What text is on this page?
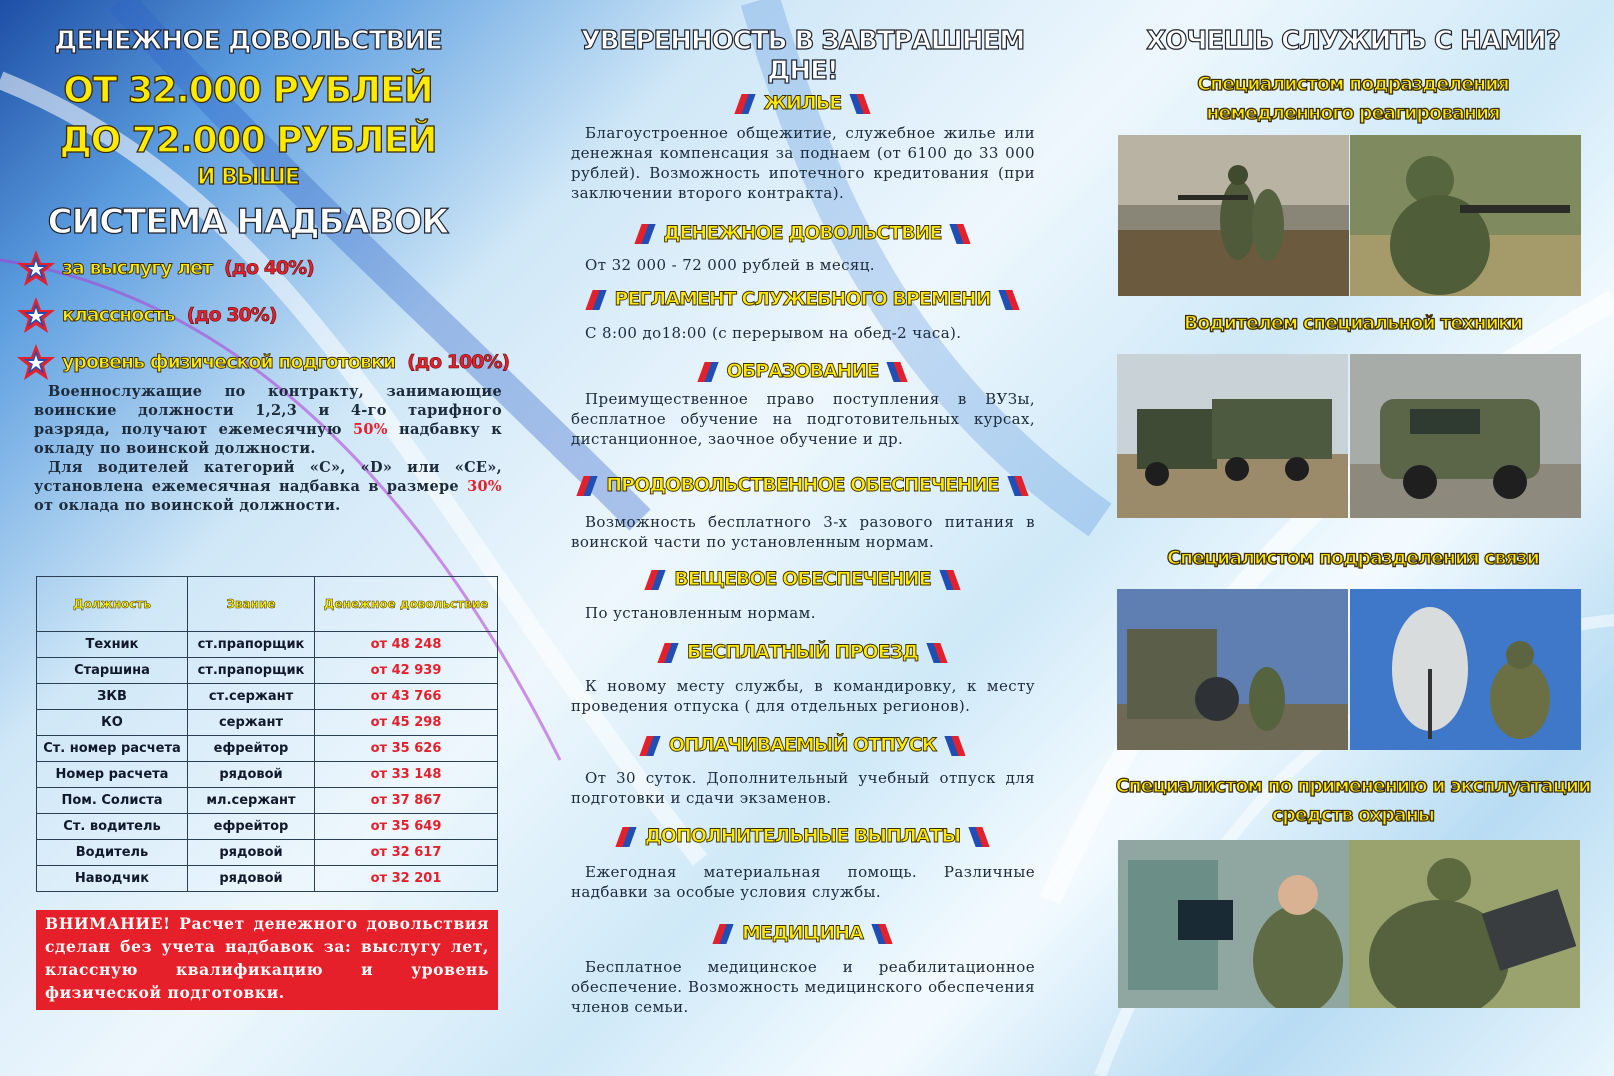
ДЕНЕЖНОЕ ДОВОЛЬСТВИЕ
ОТ 32.000 РУБЛЕЙ
ДО 72.000 РУБЛЕЙ
И ВЫШЕ
СИСТЕМА НАДБАВОК
за выслугу лет (до 40%)
классность (до 30%)
уровень физической подготовки (до 100%)

Военнослужащие по контракту, занимающие воинские должности 1,2,3 и 4-го тарифного разряда, получают ежемесячную 50% надбавку к окладу по воинской должности.

Для водителей категорий «C», «D» или «CE», установлена ежемесячная надбавка в размере 30% от оклада по воинской должности.

Должность	Звание	Денежное довольствие
Техник	ст.прапорщик	от 48 248
Старшина	ст.прапорщик	от 42 939
ЗКВ	ст.сержант	от 43 766
КО	сержант	от 45 298
Ст. номер расчета	ефрейтор	от 35 626
Номер расчета	рядовой	от 33 148
Пом. Солиста	мл.сержант	от 37 867
Ст. водитель	ефрейтор	от 35 649
Водитель	рядовой	от 32 617
Наводчик	рядовой	от 32 201
ВНИМАНИЕ! Расчет денежного довольствия сделан без учета надбавок за: выслугу лет, классную квалификацию и уровень физической подготовки.
УВЕРЕННОСТЬ В ЗАВТРАШНЕМ ДНЕ!
ЖИЛЬЕ
Благоустроенное общежитие, служебное жилье или денежная компенсация за поднаем (от 6100 до 33 000 рублей). Возможность ипотечного кредитования (при заключении второго контракта).
ДЕНЕЖНОЕ ДОВОЛЬСТВИЕ
От 32 000 - 72 000 рублей в месяц.
РЕГЛАМЕНТ СЛУЖЕБНОГО ВРЕМЕНИ
С 8:00 до18:00 (с перерывом на обед-2 часа).
ОБРАЗОВАНИЕ
Преимущественное право поступления в ВУЗы, бесплатное обучение на подготовительных курсах, дистанционное, заочное обучение и др.
ПРОДОВОЛЬСТВЕННОЕ ОБЕСПЕЧЕНИЕ
Возможность бесплатного 3-х разового питания в воинской части по установленным нормам.
ВЕЩЕВОЕ ОБЕСПЕЧЕНИЕ
По установленным нормам.
БЕСПЛАТНЫЙ ПРОЕЗД
К новому месту службы, в командировку, к месту проведения отпуска ( для отдельных регионов).
ОПЛАЧИВАЕМЫЙ ОТПУСК
От 30 суток. Дополнительный учебный отпуск для подготовки и сдачи экзаменов.
ДОПОЛНИТЕЛЬНЫЕ ВЫПЛАТЫ
Ежегодная материальная помощь. Различные надбавки за особые условия службы.
МЕДИЦИНА
Бесплатное медицинское и реабилитационное обеспечение. Возможность медицинского обеспечения членов семьи.
ХОЧЕШЬ СЛУЖИТЬ С НАМИ?
Специалистом подразделения
немедленного реагирования
Водителем специальной техники
Специалистом подразделения связи
Специалистом по применению и эксплуатации
средств охраны
